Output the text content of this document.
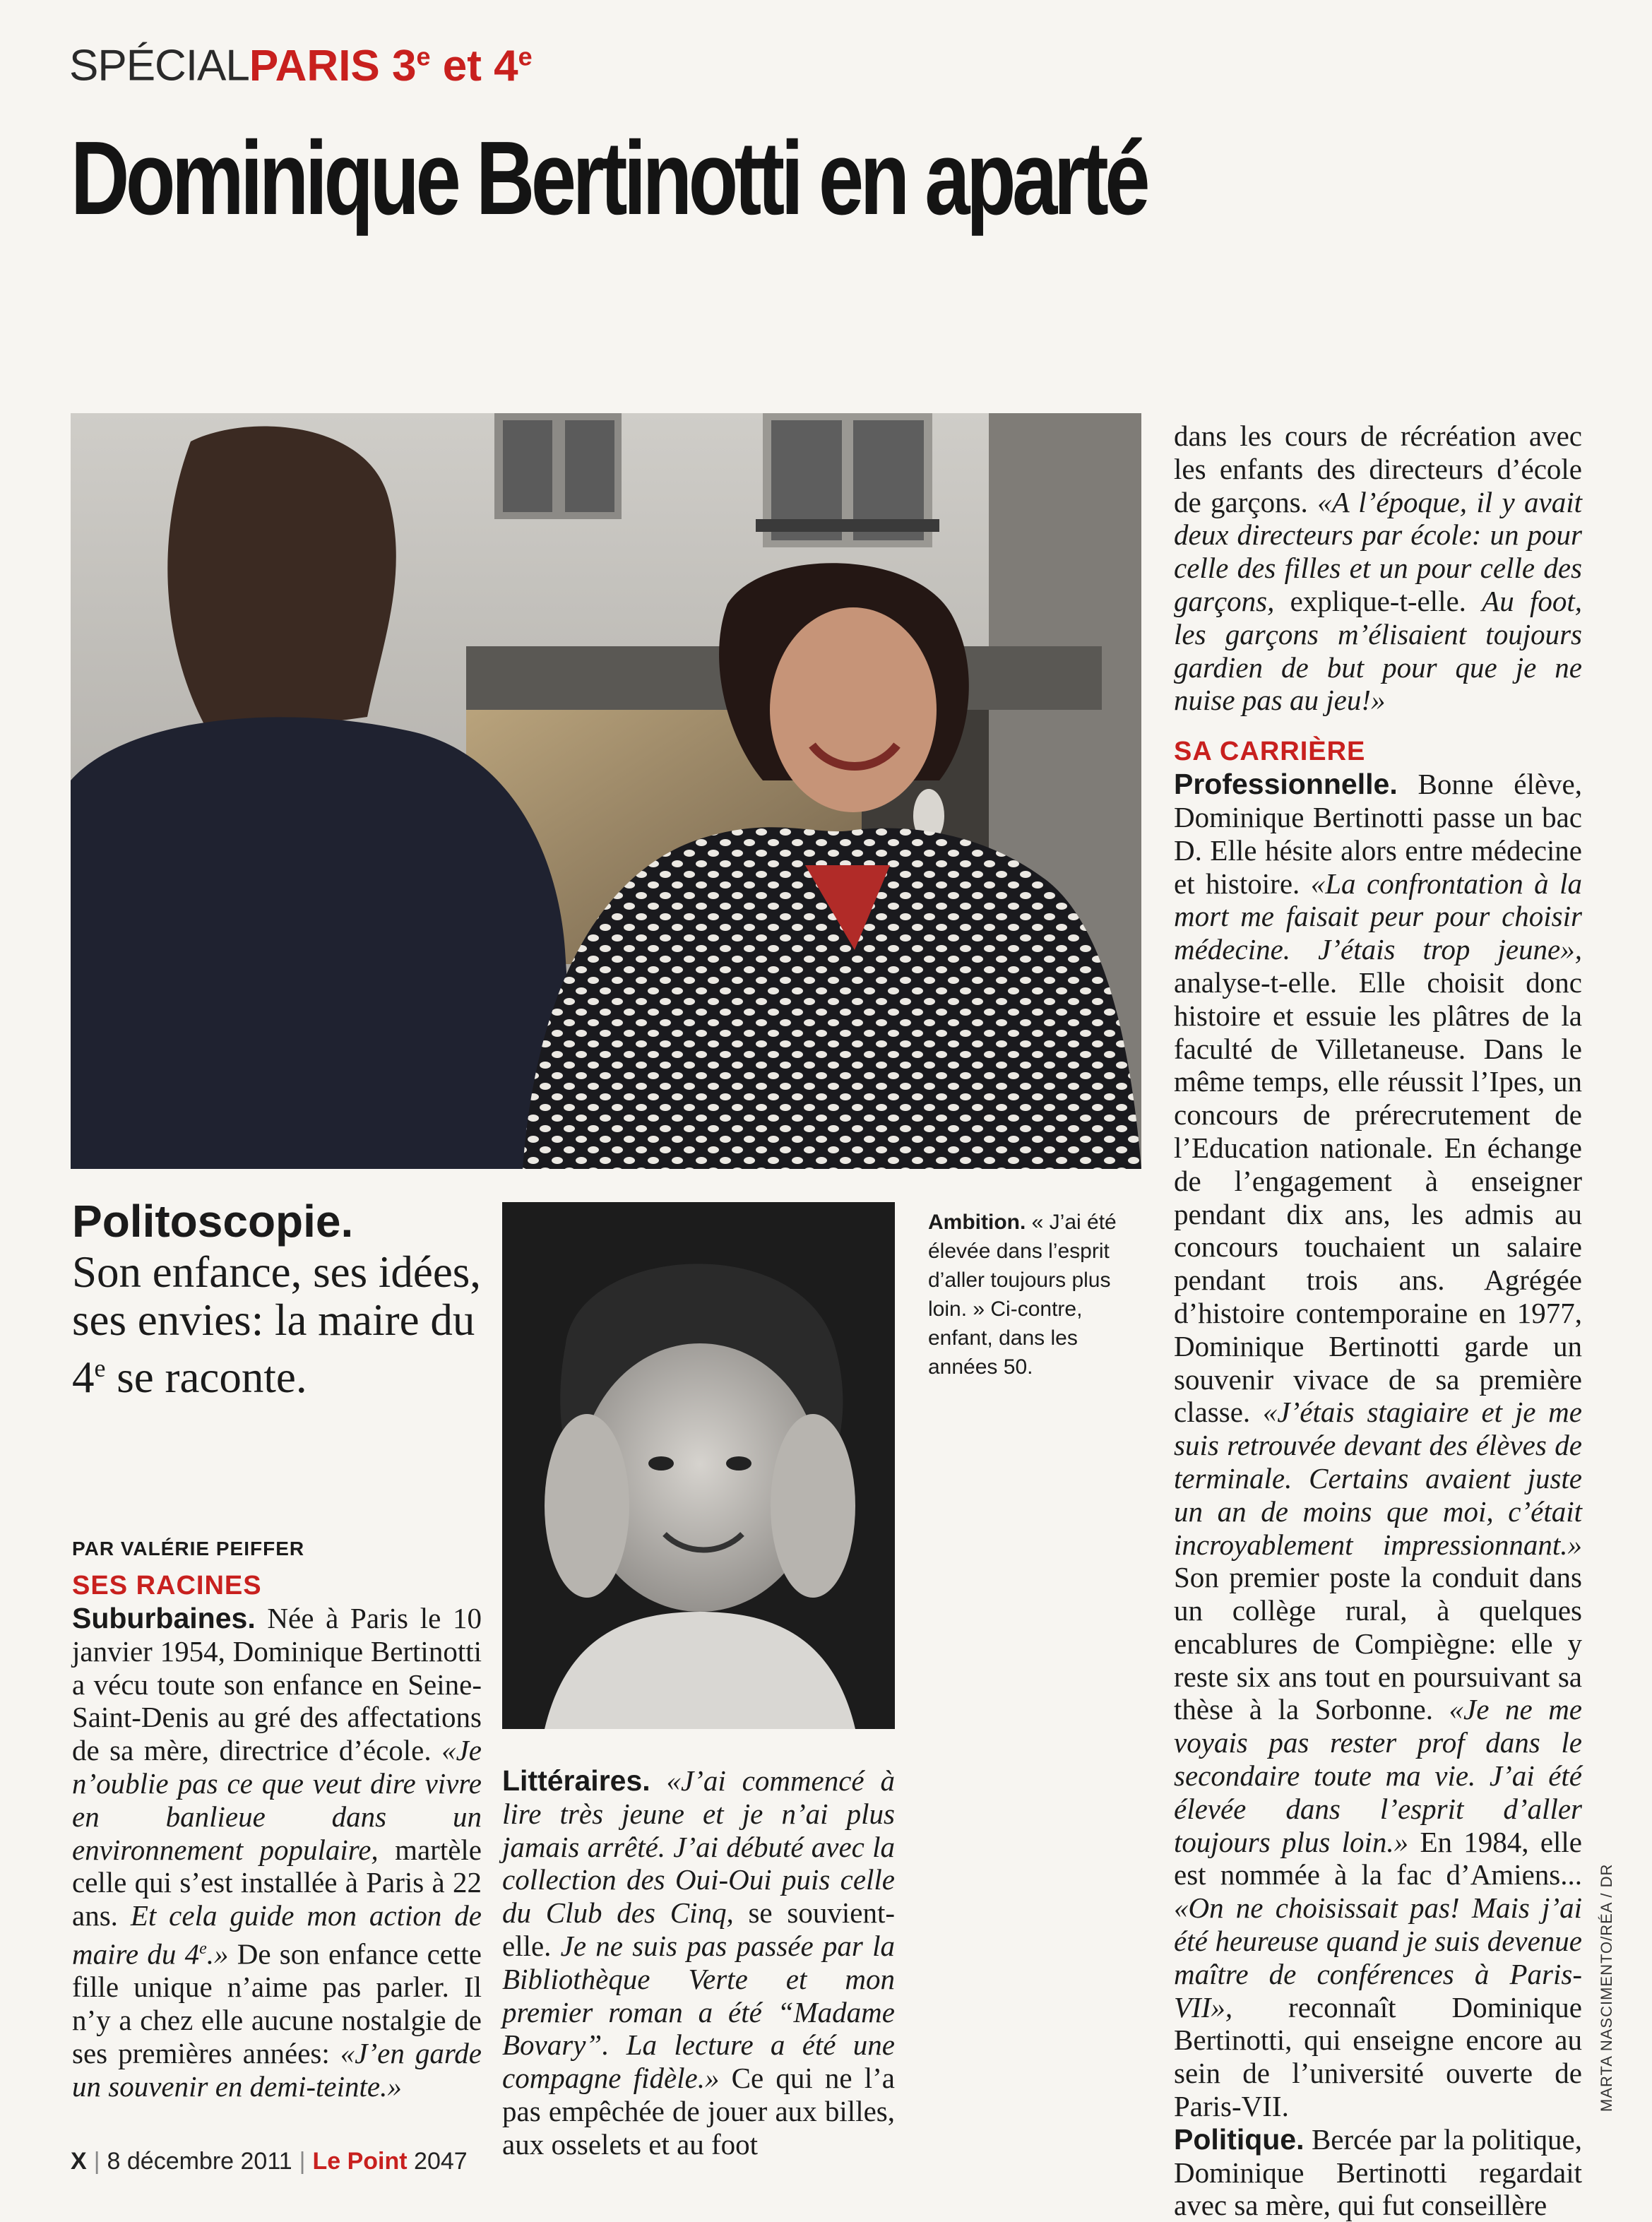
SPÉCIALPARIS 3e et 4e
Dominique Bertinotti en aparté
Politoscopie.
Son enfance, ses idées, ses envies: la maire du 4e se raconte.
PAR VALÉRIE PEIFFER
SES RACINES

Suburbaines. Née à Paris le 10 janvier 1954, Dominique Bertinotti a vécu toute son enfance en Seine-Saint-Denis au gré des affectations de sa mère, directrice d’école. «Je n’oublie pas ce que veut dire vivre en banlieue dans un environnement populaire, martèle celle qui s’est installée à Paris à 22 ans. Et cela guide mon action de maire du 4e.» De son enfance cette fille unique n’aime pas parler. Il n’y a chez elle aucune nostalgie de ses premières années: «J’en garde un souvenir en demi-teinte.»

Ambition. « J’ai été élevée dans l’esprit d’aller toujours plus loin. » Ci-contre, enfant, dans les années 50.

Littéraires. «J’ai commencé à lire très jeune et je n’ai plus jamais arrêté. J’ai débuté avec la collection des Oui-Oui puis celle du Club des Cinq, se souvient-elle. Je ne suis pas passée par la Bibliothèque Verte et mon premier roman a été “Madame Bovary”. La lecture a été une compagne fidèle.» Ce qui ne l’a pas empêchée de jouer aux billes, aux osselets et au foot

dans les cours de récréation avec les enfants des directeurs d’école de garçons. «A l’époque, il y avait deux directeurs par école: un pour celle des filles et un pour celle des garçons, explique-t-elle. Au foot, les garçons m’élisaient toujours gardien de but pour que je ne nuise pas au jeu!»

SA CARRIÈRE

Professionnelle. Bonne élève, Dominique Bertinotti passe un bac D. Elle hésite alors entre médecine et histoire. «La confrontation à la mort me faisait peur pour choisir médecine. J’étais trop jeune», analyse-t-elle. Elle choisit donc histoire et essuie les plâtres de la faculté de Villetaneuse. Dans le même temps, elle réussit l’Ipes, un concours de prérecrutement de l’Education nationale. En échange de l’engagement à enseigner pendant dix ans, les admis au concours touchaient un salaire pendant trois ans. Agrégée d’histoire contemporaine en 1977, Dominique Bertinotti garde un souvenir vivace de sa première classe. «J’étais stagiaire et je me suis retrouvée devant des élèves de terminale. Certains avaient juste un an de moins que moi, c’était incroyablement impressionnant.» Son premier poste la conduit dans un collège rural, à quelques encablures de Compiègne: elle y reste six ans tout en poursuivant sa thèse à la Sorbonne. «Je ne me voyais pas rester prof dans le secondaire toute ma vie. J’ai été élevée dans l’esprit d’aller toujours plus loin.» En 1984, elle est nommée à la fac d’Amiens... «On ne choisissait pas! Mais j’ai été heureuse quand je suis devenue maître de conférences à Paris-VII», reconnaît Dominique Bertinotti, qui enseigne encore au sein de l’université ouverte de Paris-VII.

Politique. Bercée par la politique, Dominique Bertinotti regardait avec sa mère, qui fut conseillère

MARTA NASCIMENTO/RÉA / DR
X | 8 décembre 2011 | Le Point 2047
